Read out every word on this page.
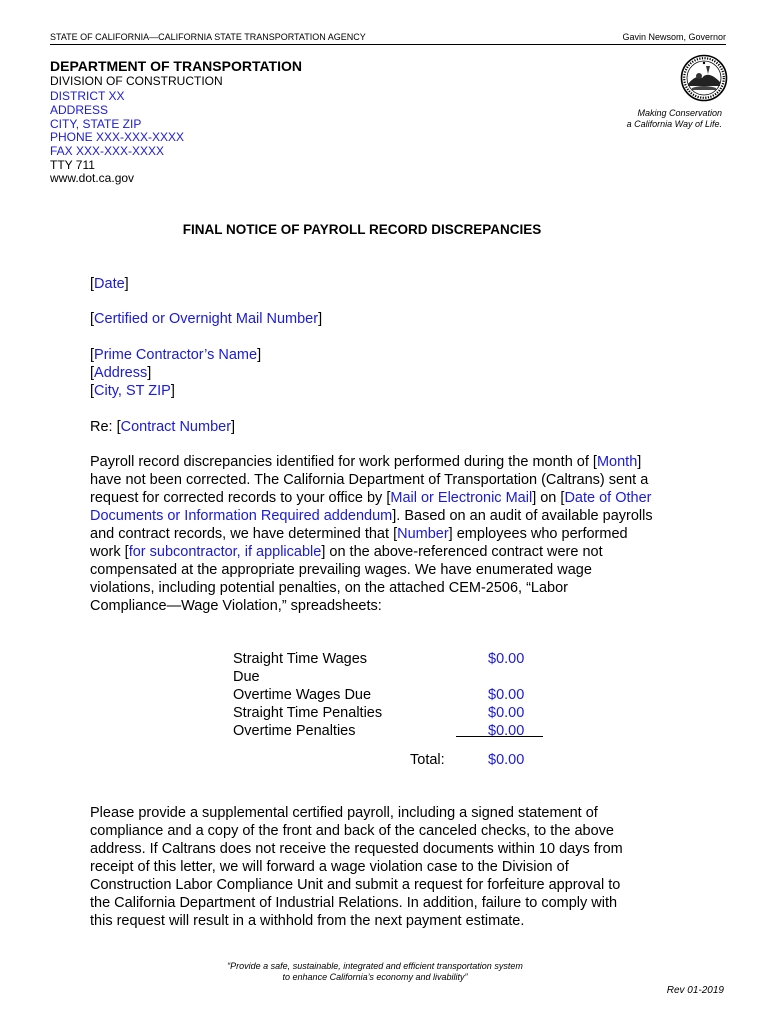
STATE OF CALIFORNIA—CALIFORNIA STATE TRANSPORTATION AGENCY	Gavin Newsom, Governor
DEPARTMENT OF TRANSPORTATION
DIVISION OF CONSTRUCTION
DISTRICT XX
ADDRESS
CITY, STATE ZIP
PHONE XXX-XXX-XXXX
FAX XXX-XXX-XXXX
TTY 711
www.dot.ca.gov
Making Conservation
a California Way of Life.
FINAL NOTICE OF PAYROLL RECORD DISCREPANCIES
[Date]
[Certified or Overnight Mail Number]
[Prime Contractor’s Name]
[Address]
[City, ST ZIP]
Re: [Contract Number]
Payroll record discrepancies identified for work performed during the month of [Month]
have not been corrected. The California Department of Transportation (Caltrans) sent a
request for corrected records to your office by [Mail or Electronic Mail] on [Date of Other
Documents or Information Required addendum]. Based on an audit of available payrolls
and contract records, we have determined that [Number] employees who performed
work [for subcontractor, if applicable] on the above-referenced contract were not
compensated at the appropriate prevailing wages. We have enumerated wage
violations, including potential penalties, on the attached CEM-2506, “Labor
Compliance—Wage Violation,” spreadsheets:
Straight Time Wages	$0.00
Due
Overtime Wages Due	$0.00
Straight Time Penalties	$0.00
Overtime Penalties	$0.00
Total:	$0.00
Please provide a supplemental certified payroll, including a signed statement of
compliance and a copy of the front and back of the canceled checks, to the above
address. If Caltrans does not receive the requested documents within 10 days from
receipt of this letter, we will forward a wage violation case to the Division of
Construction Labor Compliance Unit and submit a request for forfeiture approval to
the California Department of Industrial Relations. In addition, failure to comply with
this request will result in a withhold from the next payment estimate.
“Provide a safe, sustainable, integrated and efficient transportation system
to enhance California’s economy and livability”
Rev 01-2019
